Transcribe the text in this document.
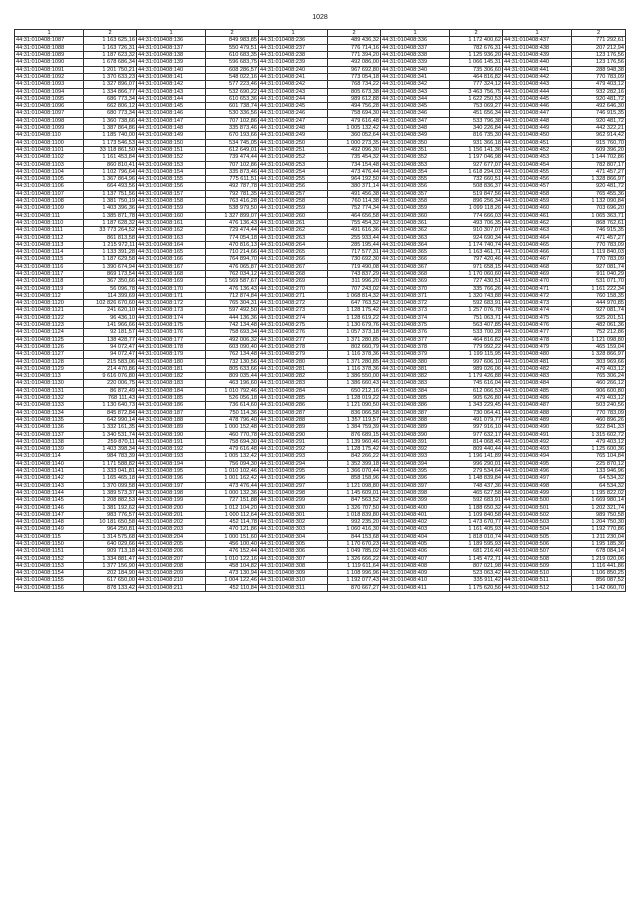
1028
1	2	1	2	1	2	1	2	1	2
44:31:010408:1087	1 163 625,16	44:31:010408:136	849 983,85	44:31:010408:236	489 436,32	44:31:010408:336	1 172 400,62	44:31:010408:437	771 292,61
44:31:010408:1088	1 163 726,31	44:31:010408:137	550 479,51	44:31:010408:237	776 714,16	44:31:010408:337	782 676,31	44:31:010408:438	207 212,94
44:31:010408:1089	1 187 623,32	44:31:010408:138	610 683,35	44:31:010408:238	771 394,20	44:31:010408:338	1 125 936,20	44:31:010408:439	123 176,56
44:31:010408:1090	1 678 686,34	44:31:010408:139	596 683,75	44:31:010408:239	492 086,00	44:31:010408:339	1 066 145,31	44:31:010408:440	123 176,56
44:31:010408:1091	1 201 750,21	44:31:010408:140	608 286,57	44:31:010408:240	967 692,80	44:31:010408:340	735 306,60	44:31:010408:441	288 948,38
44:31:010408:1092	1 370 633,23	44:31:010408:141	548 022,16	44:31:010408:241	773 054,18	44:31:010408:341	464 816,82	44:31:010408:442	770 783,09
44:31:010408:1093	1 327 896,07	44:31:010408:142	577 223,46	44:31:010408:242	768 734,22	44:31:010408:342	777 324,12	44:31:010408:443	479 403,12
44:31:010408:1094	1 334 866,77	44:31:010408:143	532 690,22	44:31:010408:243	805 673,38	44:31:010408:343	3 463 756,75	44:31:010408:444	932 282,16
44:31:010408:1095	686 773,34	44:31:010408:144	610 653,36	44:31:010408:244	989 612,88	44:31:010408:344	1 622 250,53	44:31:010408:445	920 481,72
44:31:010408:1096	662 806,12	44:31:010408:145	601 738,74	44:31:010408:245	494 756,28	44:31:010408:345	753 069,27	44:31:010408:446	492 646,30
44:31:010408:1097	680 773,34	44:31:010408:146	530 336,56	44:31:010408:246	758 694,30	44:31:010408:346	451 656,34	44:31:010408:447	746 915,35
44:31:010408:1098	1 360 738,66	44:31:010408:147	707 102,86	44:31:010408:247	479 616,48	44:31:010408:347	533 796,38	44:31:010408:448	920 481,72
44:31:010408:1099	1 387 864,86	44:31:010408:148	335 873,46	44:31:010408:248	1 005 132,42	44:31:010408:348	340 226,84	44:31:010408:449	442 322,21
44:31:010408:110	1 185 740,00	44:31:010408:149	670 193,66	44:31:010408:249	360 052,64	44:31:010408:349	816 735,30	44:31:010408:450	962 914,42
44:31:010408:1100	1 173 546,53	44:31:010408:150	534 745,05	44:31:010408:250	1 000 273,35	44:31:010408:350	931 366,18	44:31:010408:451	915 760,70
44:31:010408:1101	33 118 861,50	44:31:010408:151	612 649,01	44:31:010408:251	492 096,30	44:31:010408:351	1 156 141,36	44:31:010408:452	609 396,20
44:31:010408:1102	1 161 453,84	44:31:010408:152	739 474,44	44:31:010408:252	735 454,32	44:31:010408:352	1 197 046,98	44:31:010408:453	1 144 702,86
44:31:010408:1103	860 810,41	44:31:010408:153	707 102,86	44:31:010408:253	734 154,48	44:31:010408:353	927 677,07	44:31:010408:454	782 807,17
44:31:010408:1104	1 102 796,64	44:31:010408:154	335 873,46	44:31:010408:254	473 476,44	44:31:010408:354	1 618 294,03	44:31:010408:455	471 457,27
44:31:010408:1105	1 367 864,96	44:31:010408:155	775 611,51	44:31:010408:255	964 192,50	44:31:010408:355	732 660,51	44:31:010408:456	1 328 866,97
44:31:010408:1106	664 493,56	44:31:010408:156	492 787,78	44:31:010408:256	380 371,14	44:31:010408:356	508 836,37	44:31:010408:457	920 481,72
44:31:010408:1107	1 137 751,56	44:31:010408:157	792 781,35	44:31:010408:257	491 456,38	44:31:010408:357	519 847,56	44:31:010408:458	765 455,36
44:31:010408:1108	1 381 750,19	44:31:010408:158	763 416,28	44:31:010408:258	760 114,38	44:31:010408:358	896 256,34	44:31:010408:459	1 132 090,84
44:31:010408:1109	1 403 396,36	44:31:010408:159	538 979,50	44:31:010408:259	752 774,34	44:31:010408:359	1 099 118,26	44:31:010408:460	703 696,20
44:31:010408:111	1 385 871,78	44:31:010408:160	1 327 899,07	44:31:010408:260	464 656,58	44:31:010408:360	774 666,03	44:31:010408:461	1 065 363,71
44:31:010408:1110	1 187 628,32	44:31:010408:161	476 136,43	44:31:010408:261	755 454,32	44:31:010408:361	493 706,35	44:31:010408:462	868 762,61
44:31:010408:1111	33 773 264,52	44:31:010408:162	729 474,44	44:31:010408:262	491 616,36	44:31:010408:362	910 307,07	44:31:010408:463	746 915,35
44:31:010408:1112	861 813,58	44:31:010408:163	774 054,18	44:31:010408:263	255 933,44	44:31:010408:363	924 690,34	44:31:010408:464	471 457,27
44:31:010408:1113	1 215 972,11	44:31:010408:164	470 816,13	44:31:010408:264	285 195,44	44:31:010408:364	1 174 740,74	44:31:010408:465	770 783,09
44:31:010408:1114	1 133 391,28	44:31:010408:165	710 214,66	44:31:010408:265	717 577,31	44:31:010408:365	1 163 461,71	44:31:010408:466	1 119 840,03
44:31:010408:1115	1 187 629,58	44:31:010408:166	764 894,70	44:31:010408:266	730 692,30	44:31:010408:366	797 420,46	44:31:010408:467	770 783,09
44:31:010408:1116	1 390 674,94	44:31:010408:167	476 065,87	44:31:010408:267	719 490,08	44:31:010408:367	971 658,15	44:31:010408:468	927 081,74
44:31:010408:1117	869 173,54	44:31:010408:168	762 034,12	44:31:010408:268	743 837,29	44:31:010408:368	1 170 060,60	44:31:010408:469	911 040,29
44:31:010408:1118	367 350,66	44:31:010408:169	1 569 587,67	44:31:010408:269	311 996,20	44:31:010408:369	727 430,51	44:31:010408:470	531 071,70
44:31:010408:1119	56 096,78	44:31:010408:170	476 136,43	44:31:010408:270	707 243,02	44:31:010408:370	335 766,26	44:31:010408:471	1 161 222,34
44:31:010408:112	114 399,69	44:31:010408:171	712 874,84	44:31:010408:271	1 068 814,32	44:31:010408:371	1 320 743,88	44:31:010408:472	760 158,35
44:31:010408:1120	102 826 670,60	44:31:010408:172	765 304,31	44:31:010408:272	647 763,52	44:31:010408:372	592 683,91	44:31:010408:473	444 970,85
44:31:010408:1121	241 620,10	44:31:010408:173	597 492,50	44:31:010408:273	1 128 175,42	44:31:010408:373	1 257 076,78	44:31:010408:474	927 081,74
44:31:010408:1122	96 436,10	44:31:010408:174	444 136,36	44:31:010408:274	1 128 619,22	44:31:010408:374	751 063,71	44:31:010408:475	925 201,51
44:31:010408:1123	141 966,66	44:31:010408:175	742 134,48	44:31:010408:275	1 130 679,76	44:31:010408:375	563 407,85	44:31:010408:476	482 061,36
44:31:010408:1124	92 181,57	44:31:010408:176	758 693,34	44:31:010408:276	1 057 373,18	44:31:010408:376	533 700,28	44:31:010408:477	752 212,86
44:31:010408:1125	138 428,77	44:31:010408:177	492 006,32	44:31:010408:277	1 371 280,85	44:31:010408:377	464 816,82	44:31:010408:478	1 121 098,80
44:31:010408:1126	94 072,47	44:31:010408:178	603 090,40	44:31:010408:278	802 660,79	44:31:010408:378	779 992,22	44:31:010408:479	465 159,04
44:31:010408:1127	94 072,47	44:31:010408:179	762 134,48	44:31:010408:279	1 116 378,36	44:31:010408:379	1 199 115,95	44:31:010408:480	1 328 866,97
44:31:010408:1128	215 583,06	44:31:010408:180	732 130,56	44:31:010408:280	1 371 280,85	44:31:010408:380	997 606,10	44:31:010408:481	303 969,66
44:31:010408:1129	214 470,86	44:31:010408:181	805 633,66	44:31:010408:281	1 116 378,36	44:31:010408:381	989 026,06	44:31:010408:482	479 403,12
44:31:010408:113	9 616 076,80	44:31:010408:182	809 035,44	44:31:010408:282	1 386 550,00	44:31:010408:382	1 179 426,88	44:31:010408:483	765 306,24
44:31:010408:1130	220 006,75	44:31:010408:183	463 196,60	44:31:010408:283	1 386 660,43	44:31:010408:383	745 616,04	44:31:010408:484	460 266,12
44:31:010408:1131	86 872,49	44:31:010408:184	1 010 792,46	44:31:010408:284	650 212,16	44:31:010408:384	612 066,53	44:31:010408:485	906 600,80
44:31:010408:1132	768 111,43	44:31:010408:185	526 056,18	44:31:010408:285	1 128 019,22	44:31:010408:385	905 626,80	44:31:010408:486	479 403,12
44:31:010408:1133	1 130 640,73	44:31:010408:186	736 614,60	44:31:010408:286	1 121 090,50	44:31:010408:386	1 343 229,45	44:31:010408:487	503 240,56
44:31:010408:1134	845 872,84	44:31:010408:187	750 114,36	44:31:010408:287	836 066,58	44:31:010408:387	730 064,41	44:31:010408:488	770 783,09
44:31:010408:1135	642 990,14	44:31:010408:188	478 796,40	44:31:010408:288	1 357 119,57	44:31:010408:388	491 079,77	44:31:010408:489	460 896,26
44:31:010408:1136	1 332 161,35	44:31:010408:189	1 000 152,48	44:31:010408:289	1 384 759,39	44:31:010408:389	997 916,10	44:31:010408:490	922 841,33
44:31:010408:1137	1 340 531,74	44:31:010408:190	460 770,78	44:31:010408:290	876 689,15	44:31:010408:390	977 632,17	44:31:010408:491	1 315 602,72
44:31:010408:1138	259 870,11	44:31:010408:191	758 694,30	44:31:010408:291	1 139 960,46	44:31:010408:391	814 068,45	44:31:010408:492	479 403,12
44:31:010408:1139	1 403 398,34	44:31:010408:192	479 616,48	44:31:010408:292	1 128 175,42	44:31:010408:392	809 440,44	44:31:010408:493	1 125 600,36
44:31:010408:114	984 783,39	44:31:010408:193	1 005 132,42	44:31:010408:293	842 266,22	44:31:010408:393	1 196 141,89	44:31:010408:494	765 104,84
44:31:010408:1140	1 171 588,82	44:31:010408:194	756 094,30	44:31:010408:294	1 352 399,18	44:31:010408:394	996 290,01	44:31:010408:495	225 870,12
44:31:010408:1141	1 333 041,81	44:31:010408:195	1 010 102,46	44:31:010408:295	1 366 070,44	44:31:010408:395	279 534,64	44:31:010408:496	133 946,96
44:31:010408:1142	1 165 465,18	44:31:010408:196	1 001 162,42	44:31:010408:296	858 158,96	44:31:010408:396	1 148 839,84	44:31:010408:497	64 534,32
44:31:010408:1143	1 370 099,58	44:31:010408:197	473 476,44	44:31:010408:297	1 121 098,80	44:31:010408:397	748 437,36	44:31:010408:498	64 534,32
44:31:010408:1144	1 389 573,37	44:31:010408:198	1 000 132,36	44:31:010408:298	1 145 609,01	44:31:010408:398	465 627,58	44:31:010408:499	1 195 822,02
44:31:010408:1145	1 208 882,53	44:31:010408:199	727 151,88	44:31:010408:299	847 563,52	44:31:010408:399	592 683,91	44:31:010408:500	1 669 980,14
44:31:010408:1146	1 381 192,62	44:31:010408:200	1 012 104,20	44:31:010408:300	1 326 707,50	44:31:010408:400	1 188 650,32	44:31:010408:501	1 202 321,74
44:31:010408:1147	983 776,57	44:31:010408:201	1 000 112,64	44:31:010408:301	1 018 839,80	44:31:010408:401	1 109 840,58	44:31:010408:502	989 750,58
44:31:010408:1148	10 181 650,58	44:31:010408:202	452 114,78	44:31:010408:302	992 235,20	44:31:010408:402	1 473 670,77	44:31:010408:503	1 204 750,30
44:31:010408:1149	964 250,81	44:31:010408:203	470 121,86	44:31:010408:303	1 060 416,30	44:31:010408:403	1 161 405,93	44:31:010408:504	1 192 770,86
44:31:010408:115	1 314 575,68	44:31:010408:204	1 000 151,60	44:31:010408:304	844 153,68	44:31:010408:404	1 818 010,74	44:31:010408:505	1 211 230,04
44:31:010408:1150	640 029,66	44:31:010408:205	456 100,40	44:31:010408:305	1 170 670,23	44:31:010408:405	1 189 595,93	44:31:010408:506	1 195 185,36
44:31:010408:1151	909 713,18	44:31:010408:206	476 152,44	44:31:010408:306	1 049 785,02	44:31:010408:406	681 216,40	44:31:010408:507	678 084,14
44:31:010408:1152	1 334 881,47	44:31:010408:207	1 010 122,16	44:31:010408:307	1 326 666,22	44:31:010408:407	1 145 472,71	44:31:010408:508	1 219 020,06
44:31:010408:1153	1 377 156,90	44:31:010408:208	458 104,82	44:31:010408:308	1 119 611,64	44:31:010408:408	807 021,98	44:31:010408:509	1 116 441,86
44:31:010408:1154	202 184,90	44:31:010408:209	473 130,94	44:31:010408:309	1 108 996,96	44:31:010408:409	523 063,42	44:31:010408:510	1 106 850,25
44:31:010408:1155	617 650,00	44:31:010408:210	1 004 122,46	44:31:010408:310	1 192 077,43	44:31:010408:410	335 911,42	44:31:010408:511	856 087,52
44:31:010408:1156	878 133,42	44:31:010408:211	452 110,84	44:31:010408:311	870 667,27	44:31:010408:411	1 175 620,56	44:31:010408:512	1 142 060,70
